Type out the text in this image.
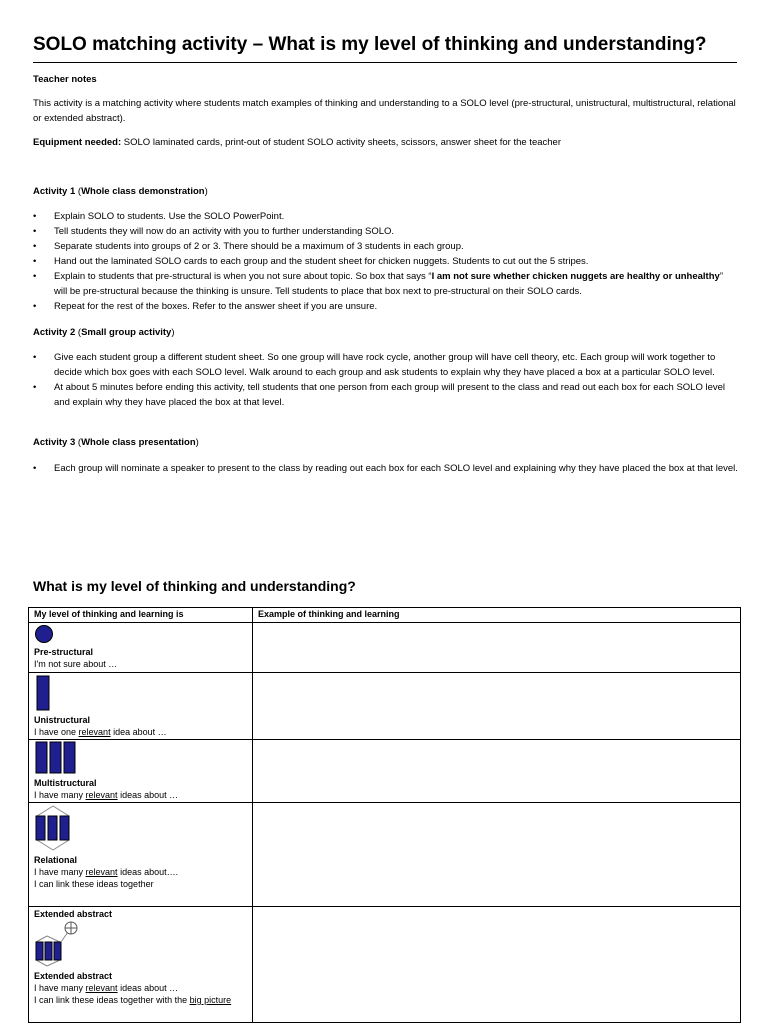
SOLO matching activity – What is my level of thinking and understanding?
Teacher notes
This activity is a matching activity where students match examples of thinking and understanding to a SOLO level (pre-structural, unistructural, multistructural, relational or extended abstract).
Equipment needed: SOLO laminated cards, print-out of student SOLO activity sheets, scissors, answer sheet for the teacher
Activity 1 (Whole class demonstration)
• Explain SOLO to students. Use the SOLO PowerPoint.
• Tell students they will now do an activity with you to further understanding SOLO.
• Separate students into groups of 2 or 3. There should be a maximum of 3 students in each group.
• Hand out the laminated SOLO cards to each group and the student sheet for chicken nuggets. Students to cut out the 5 stripes.
• Explain to students that pre-structural is when you not sure about topic. So box that says “I am not sure whether chicken nuggets are healthy or unhealthy” will be pre-structural because the thinking is unsure. Tell students to place that box next to pre-structural on their SOLO cards.
• Repeat for the rest of the boxes. Refer to the answer sheet if you are unsure.
Activity 2 (Small group activity)
• Give each student group a different student sheet. So one group will have rock cycle, another group will have cell theory, etc. Each group will work together to decide which box goes with each SOLO level. Walk around to each group and ask students to explain why they have placed a box at a particular SOLO level.
• At about 5 minutes before ending this activity, tell students that one person from each group will present to the class and read out each box for each SOLO level and explain why they have placed the box at that level.
Activity 3 (Whole class presentation)
• Each group will nominate a speaker to present to the class by reading out each box for each SOLO level and explaining why they have placed the box at that level.
What is my level of thinking and understanding?
My level of thinking and learning is	Example of thinking and learning

Pre-structural
I'm not sure about …	

Unistructural
I have one relevant idea about …	

Multistructural
I have many relevant ideas about …	

Relational
I have many relevant ideas about….
I can link these ideas together	

Extended abstract
Extended abstract
I have many relevant ideas about …
I can link these ideas together with the big picture	
